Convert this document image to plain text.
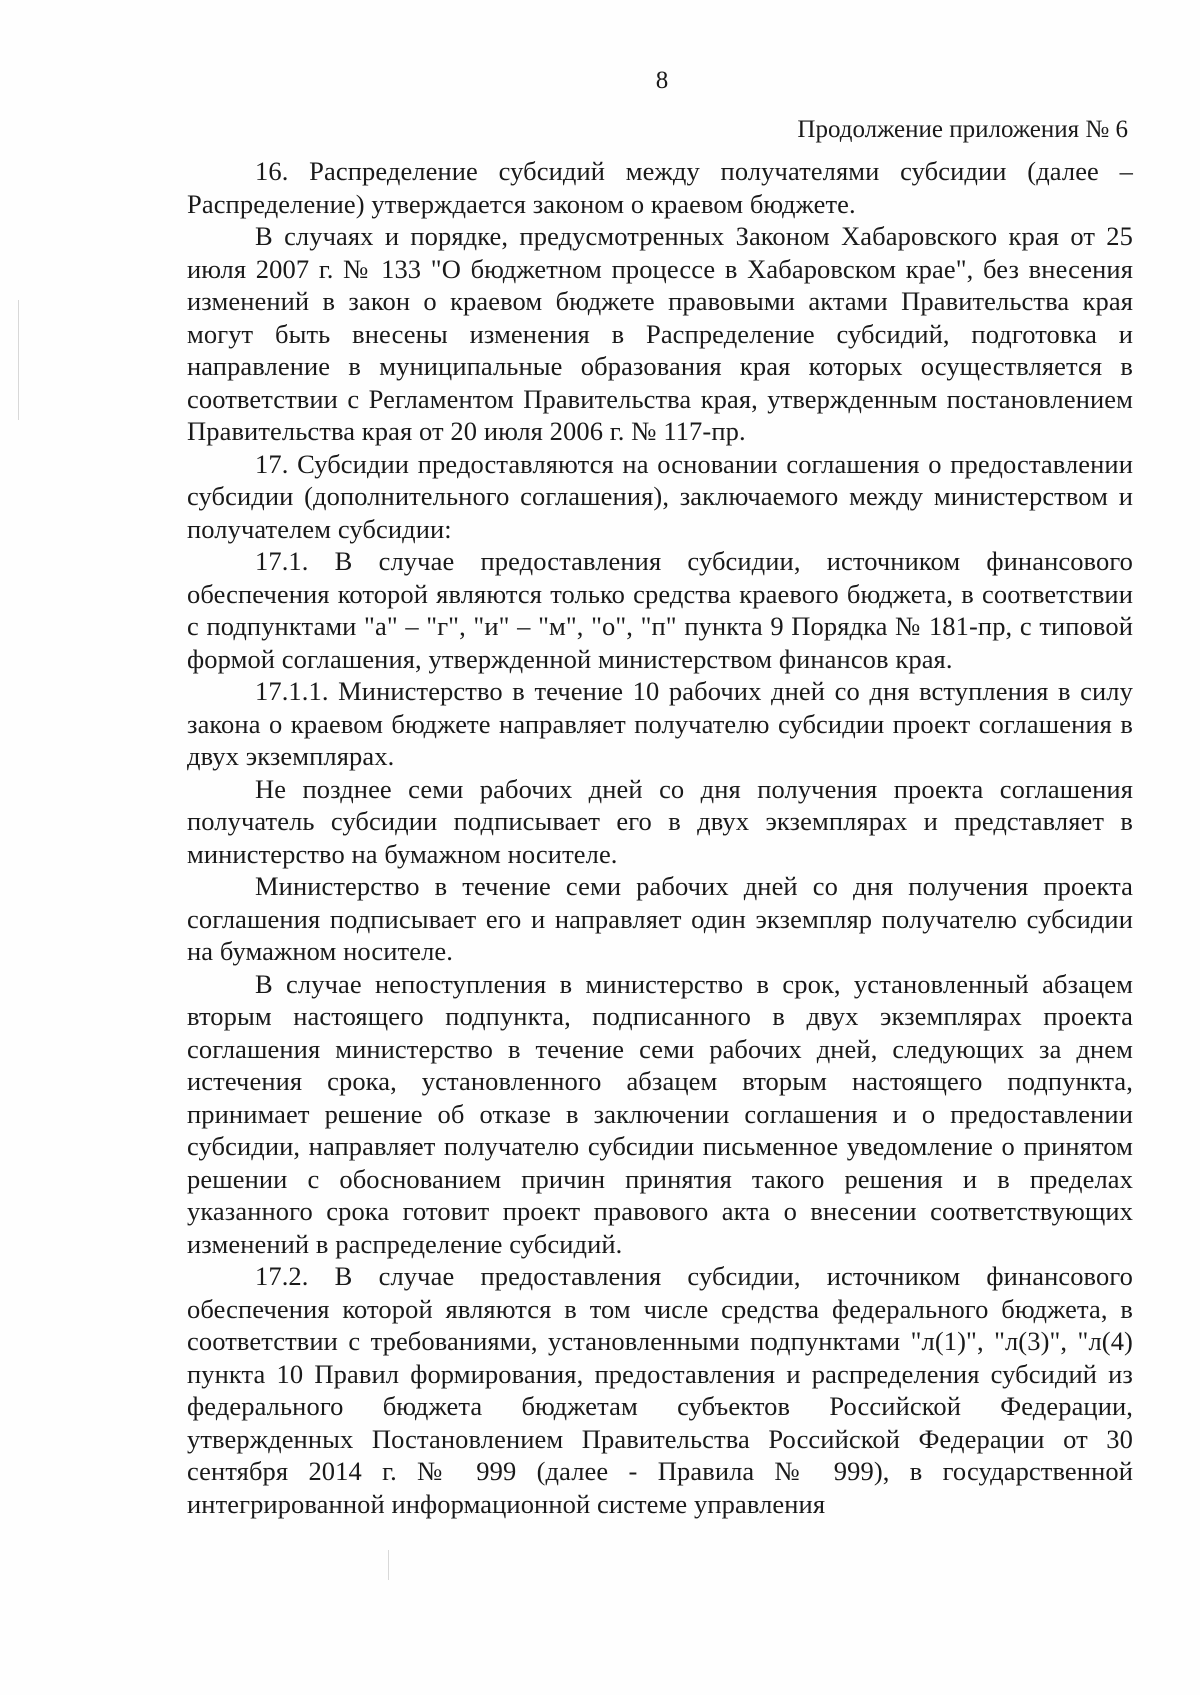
8
Продолжение приложения № 6

16. Распределение субсидий между получателями субсидии (далее – Распределение) утверждается законом о краевом бюджете.

В случаях и порядке, предусмотренных Законом Хабаровского края от 25 июля 2007 г. № 133 "О бюджетном процессе в Хабаровском крае", без внесения изменений в закон о краевом бюджете правовыми актами Правительства края могут быть внесены изменения в Распределение субсидий, подготовка и направление в муниципальные образования края которых осуществляется в соответствии с Регламентом Правительства края, утвержденным постановлением Правительства края от 20 июля 2006 г. № 117-пр.

17. Субсидии предоставляются на основании соглашения о предоставлении субсидии (дополнительного соглашения), заключаемого между министерством и получателем субсидии:

17.1. В случае предоставления субсидии, источником финансового обеспечения которой являются только средства краевого бюджета, в соответствии с подпунктами "а" – "г", "и" – "м", "о", "п" пункта 9 Порядка № 181-пр, с типовой формой соглашения, утвержденной министерством финансов края.

17.1.1. Министерство в течение 10 рабочих дней со дня вступления в силу закона о краевом бюджете направляет получателю субсидии проект соглашения в двух экземплярах.

Не позднее семи рабочих дней со дня получения проекта соглашения получатель субсидии подписывает его в двух экземплярах и представляет в министерство на бумажном носителе.

Министерство в течение семи рабочих дней со дня получения проекта соглашения подписывает его и направляет один экземпляр получателю субсидии на бумажном носителе.

В случае непоступления в министерство в срок, установленный абзацем вторым настоящего подпункта, подписанного в двух экземплярах проекта соглашения министерство в течение семи рабочих дней, следующих за днем истечения срока, установленного абзацем вторым настоящего подпункта, принимает решение об отказе в заключении соглашения и о предоставлении субсидии, направляет получателю субсидии письменное уведомление о принятом решении с обоснованием причин принятия такого решения и в пределах указанного срока готовит проект правового акта о внесении соответствующих изменений в распределение субсидий.

17.2. В случае предоставления субсидии, источником финансового обеспечения которой являются в том числе средства федерального бюджета, в соответствии с требованиями, установленными подпунктами "л(1)", "л(3)", "л(4) пункта 10 Правил формирования, предоставления и распределения субсидий из федерального бюджета бюджетам субъектов Российской Федерации, утвержденных Постановлением Правительства Российской Федерации от 30 сентября 2014 г. № 999 (далее - Правила № 999), в государственной интегрированной информационной системе управления
